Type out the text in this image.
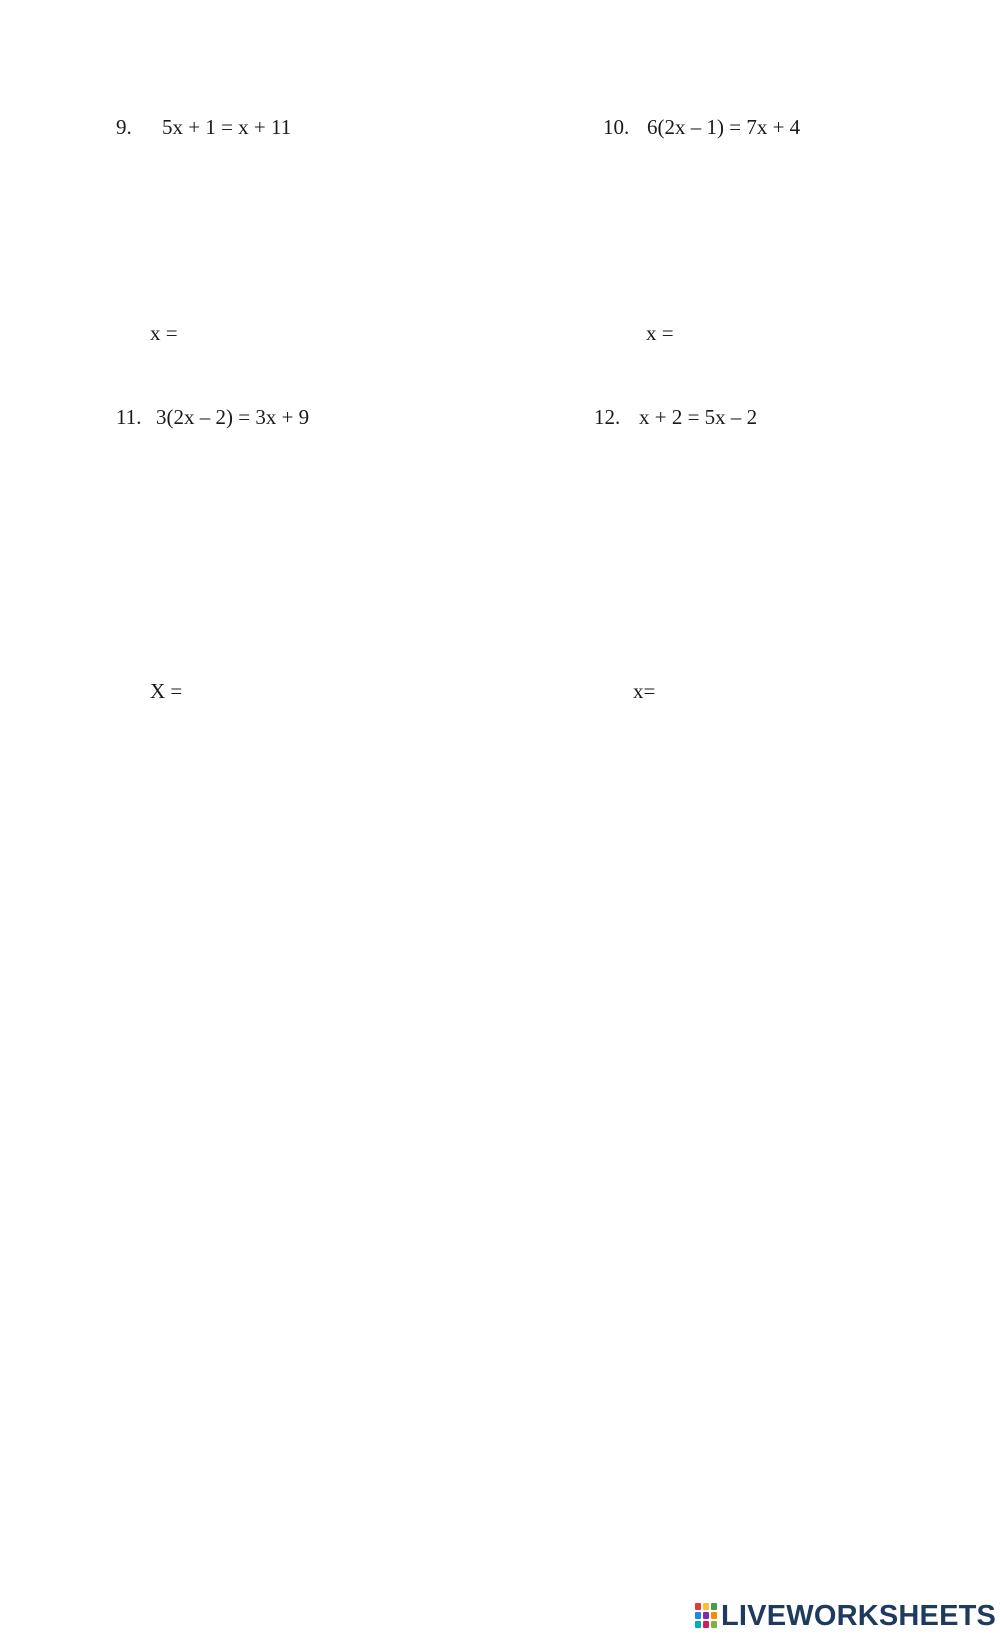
9. 5x + 1 = x + 11
x =
10. 6(2x – 1) = 7x + 4
x =
11. 3(2x – 2) = 3x + 9
X =
12. x + 2 = 5x – 2
x=
LIVEWORKSHEETS
